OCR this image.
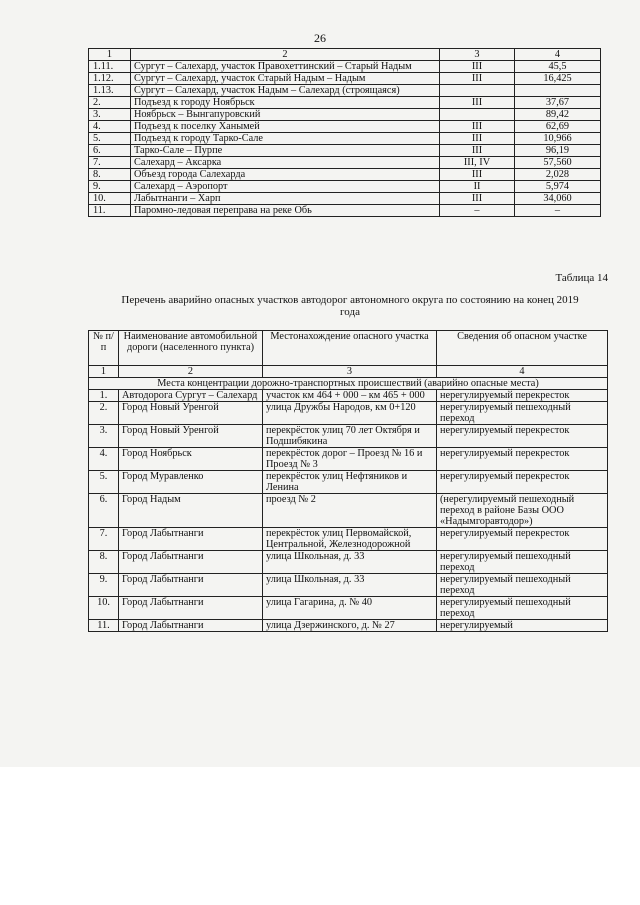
26
1	2	3	4
1.11.	Сургут – Салехард, участок Правохеттинский – Старый Надым	III	45,5
1.12.	Сургут – Салехард, участок Старый Надым – Надым	III	16,425
1.13.	Сургут – Салехард, участок Надым – Салехард (строящаяся)		
2.	Подъезд к городу Ноябрьск	III	37,67
3.	Ноябрьск – Вынгапуровский		89,42
4.	Подъезд к поселку Ханымей	III	62,69
5.	Подъезд к городу Тарко-Сале	III	10,966
6.	Тарко-Сале – Пурпе	III	96,19
7.	Салехард – Аксарка	III, IV	57,560
8.	Объезд города Салехарда	III	2,028
9.	Салехард – Аэропорт	II	5,974
10.	Лабытнанги – Харп	III	34,060
11.	Паромно-ледовая переправа на реке Обь	–	–
Таблица 14
Перечень аварийно опасных участков автодорог автономного округа по состоянию на конец 2019 года
№ п/п	Наименование автомобильной дороги (населенного пункта)	Местонахождение опасного участка	Сведения об опасном участке
1	2	3	4
Места концентрации дорожно-транспортных происшествий (аварийно опасные места)			
1.	Автодорога Сургут – Салехард	участок км 464 + 000 – км 465 + 000	нерегулируемый перекресток
2.	Город Новый Уренгой	улица Дружбы Народов, км 0+120	нерегулируемый пешеходный переход
3.	Город Новый Уренгой	перекрёсток улиц 70 лет Октября и Подшибякина	нерегулируемый перекресток
4.	Город Ноябрьск	перекрёсток дорог – Проезд № 16 и Проезд № 3	нерегулируемый перекресток
5.	Город Муравленко	перекрёсток улиц Нефтяников и Ленина	нерегулируемый перекресток
6.	Город Надым	проезд № 2	(нерегулируемый пешеходный переход в районе Базы ООО «Надымгоравтодор»)
7.	Город Лабытнанги	перекрёсток улиц Первомайской, Центральной, Железнодорожной	нерегулируемый перекресток
8.	Город Лабытнанги	улица Школьная, д. 33	нерегулируемый пешеходный переход
9.	Город Лабытнанги	улица Школьная, д. 33	нерегулируемый пешеходный переход
10.	Город Лабытнанги	улица Гагарина, д. № 40	нерегулируемый пешеходный переход
11.	Город Лабытнанги	улица Дзержинского, д. № 27	нерегулируемый
